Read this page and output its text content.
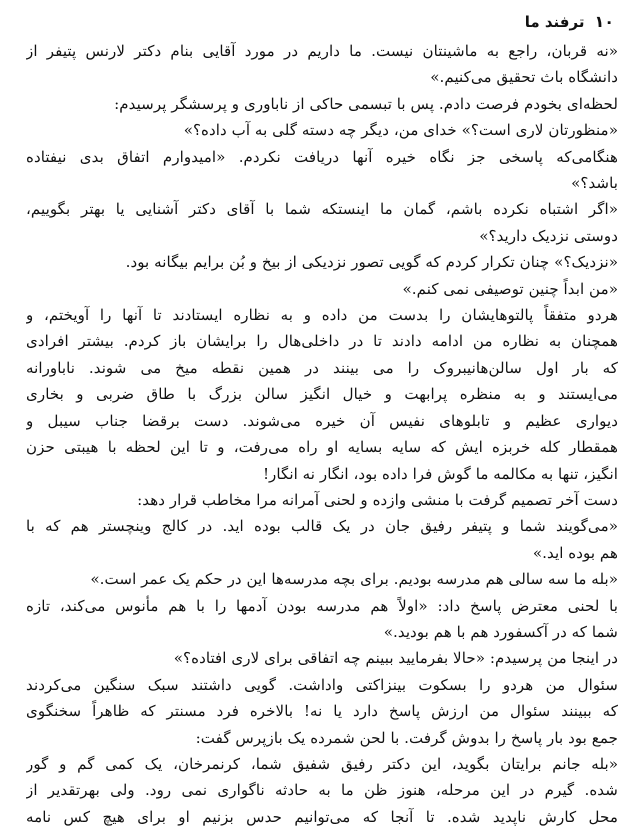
۱۰
ترفند ما
«نه قربان، راجع به ماشینتان نیست. ما داریم در مورد آقایی بنام دکتر لارنس پتیفر از
دانشگاه باث تحقیق می‌کنیم.»
لحظه‌ای بخودم فرصت دادم. پس با تبسمی حاکی از ناباوری و پرسشگر پرسیدم:
«منظورتان لاری است؟» خدای من، دیگر چه دسته گلی به آب داده؟»
هنگامی‌که پاسخی جز نگاه خیره آنها دریافت نکردم. «امیدوارم اتفاق بدی نیفتاده
باشد؟»
«اگر اشتباه نکرده باشم، گمان ما اینستکه شما با آقای دکتر آشنایی یا بهتر بگوییم،
دوستی نزدیک دارید؟»
«نزدیک؟» چنان تکرار کردم که گویی تصور نزدیکی از بیخ و بُن برایم بیگانه بود.
«من ابداً چنین توصیفی نمی کنم.»
هردو متفقاً پالتوهایشان را بدست من داده و به نظاره ایستادند تا آنها را آویختم، و
همچنان به نظاره من ادامه دادند تا در داخلی‌هال را برایشان باز کردم. بیشتر افرادی
که بار اول سالن‌هانیبروک را می بینند در همین نقطه میخ می شوند. ناباورانه
می‌ایستند و به منظره پرابهت و خیال انگیز سالن بزرگ با طاق ضربی و بخاری
دیواری عظیم و تابلوهای نفیس آن خیره می‌شوند. دست برقضا جناب سیبل و
همقطار کله خربزه ایش که سایه بسایه او راه می‌رفت، و تا این لحظه با هیبتی حزن
انگیز، تنها به مکالمه ما گوش فرا داده بود، انگار نه انگار!
دست آخر تصمیم گرفت با منشی وازده و لحنی آمرانه مرا مخاطب قرار دهد:
«می‌گویند شما و پتیفر رفیق جان در یک قالب بوده اید. در کالج وینچستر هم که با
هم بوده اید.»
«بله ما سه سالی هم مدرسه بودیم. برای بچه مدرسه‌ها این در حکم یک عمر است.»
با لحنی معترض پاسخ داد: «اولاً هم مدرسه بودن آدمها را با هم مأنوس می‌کند، تازه
شما که در آکسفورد هم با هم بودید.»
در اینجا من پرسیدم: «حالا بفرمایید ببینم چه اتفاقی برای لاری افتاده؟»
سئوال من هردو را بسکوت بینزاکتی واداشت. گویی داشتند سبک سنگین می‌کردند
که ببینند سئوال من ارزش پاسخ دارد یا نه! بالاخره فرد مسنتر که ظاهراً سخنگوی
جمع بود بار پاسخ را بدوش گرفت. با لحن شمرده یک بازپرس گفت:
«بله جانم برایتان بگوید، این دکتر رفیق شفیق شما، کرنمرخان، یک کمی گم و گور
شده. گیرم در این مرحله، هنوز ظن ما به حادثه ناگواری نمی رود. ولی بهرتقدیر از
محل کارش ناپدید شده. تا آنجا که می‌توانیم حدس بزنیم او برای هیچ کس نامه
